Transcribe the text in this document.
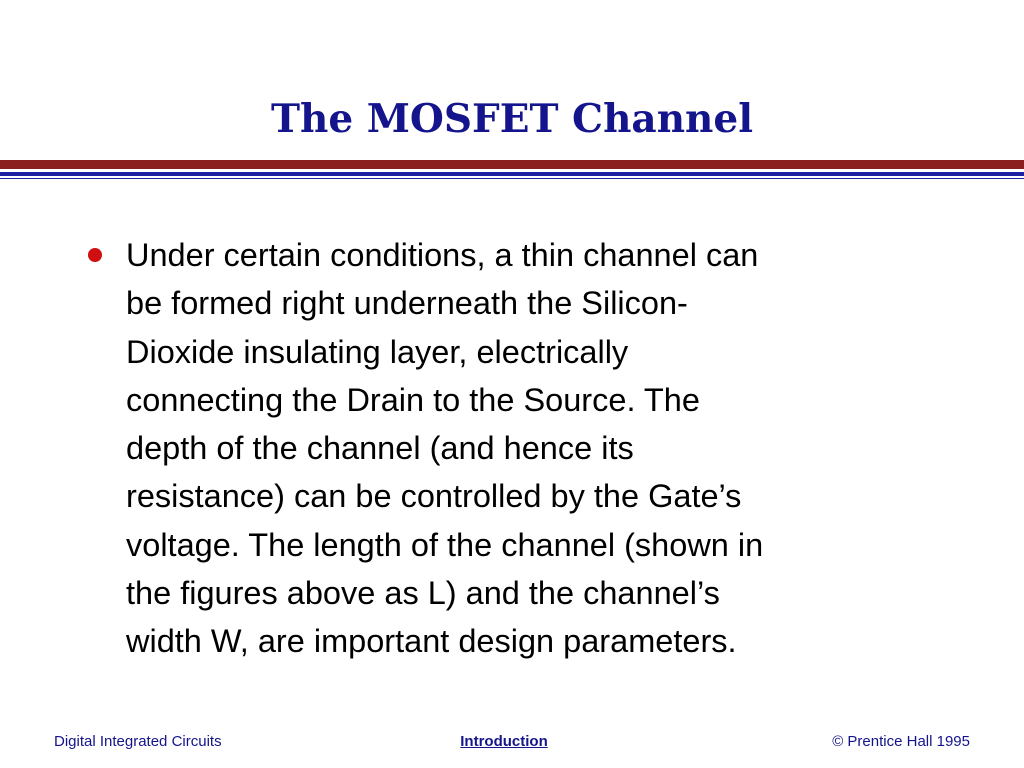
The MOSFET Channel
Under certain conditions, a thin channel can
be formed right underneath the Silicon-
Dioxide insulating layer, electrically
connecting the Drain to the Source. The
depth of the channel (and hence its
resistance) can be controlled by the Gate’s
voltage. The length of the channel (shown in
the figures above as L) and the channel’s
width W, are important design parameters.
Digital Integrated Circuits	Introduction	© Prentice Hall 1995
